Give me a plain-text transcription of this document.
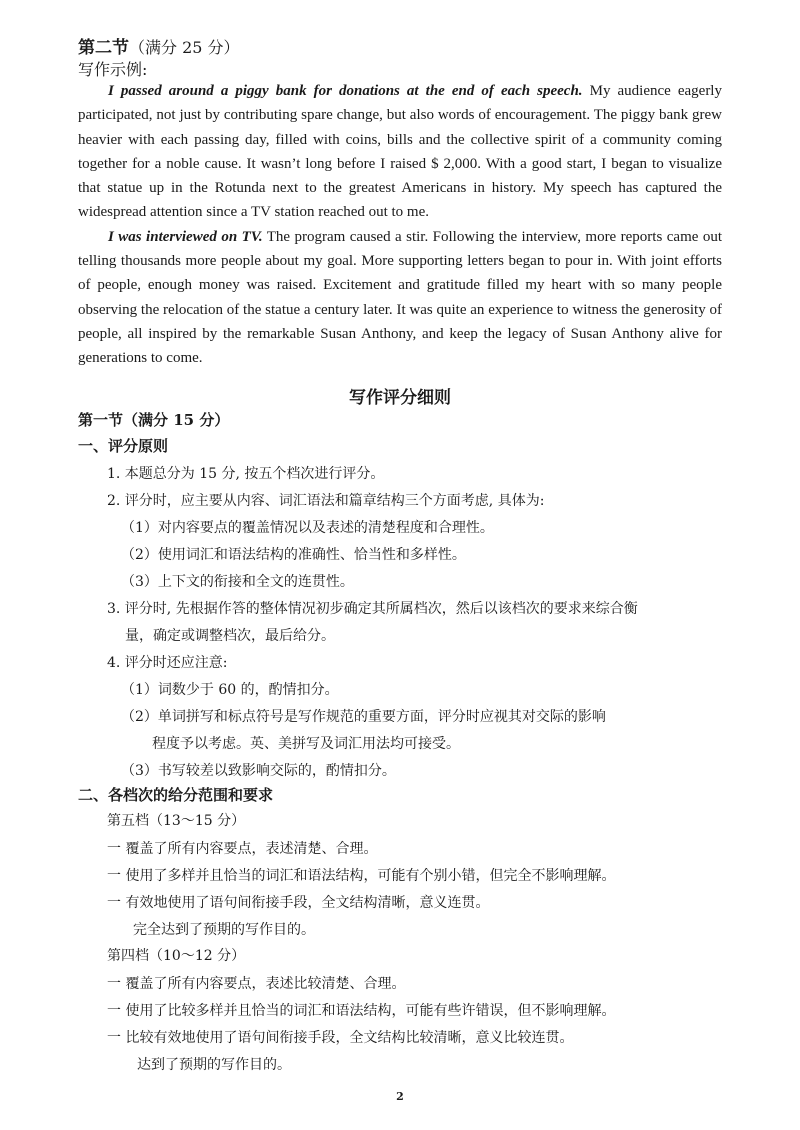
第二节（满分 25 分）
写作示例:

I passed around a piggy bank for donations at the end of each speech. My audience eagerly participated, not just by contributing spare change, but also words of encouragement. The piggy bank grew heavier with each passing day, filled with coins, bills and the collective spirit of a community coming together for a noble cause. It wasn’t long before I raised $ 2,000. With a good start, I began to visualize that statue up in the Rotunda next to the greatest Americans in history. My speech has captured the widespread attention since a TV station reached out to me.

I was interviewed on TV. The program caused a stir. Following the interview, more reports came out telling thousands more people about my goal. More supporting letters began to pour in. With joint efforts of people, enough money was raised. Excitement and gratitude filled my heart with so many people observing the relocation of the statue a century later. It was quite an experience to witness the generosity of people, all inspired by the remarkable Susan Anthony, and keep the legacy of Susan Anthony alive for generations to come.

写作评分细则
第一节（满分 15 分）
一、评分原则
1. 本题总分为 15 分, 按五个档次进行评分。
2. 评分时，应主要从内容、词汇语法和篇章结构三个方面考虑, 具体为:
（1）对内容要点的覆盖情况以及表述的清楚程度和合理性。
（2）使用词汇和语法结构的准确性、恰当性和多样性。
（3）上下文的衔接和全文的连贯性。
3. 评分时, 先根据作答的整体情况初步确定其所属档次，然后以该档次的要求来综合衡
量，确定或调整档次，最后给分。
4. 评分时还应注意:
（1）词数少于 60 的，酌情扣分。
（2）单词拼写和标点符号是写作规范的重要方面，评分时应视其对交际的影响
程度予以考虑。英、美拼写及词汇用法均可接受。
（3）书写较差以致影响交际的，酌情扣分。
二、各档次的给分范围和要求
第五档（13～15 分）
一 覆盖了所有内容要点，表述清楚、合理。
一 使用了多样并且恰当的词汇和语法结构，可能有个别小错，但完全不影响理解。
一 有效地使用了语句间衔接手段，全文结构清晰，意义连贯。
完全达到了预期的写作目的。
第四档（10～12 分）
一 覆盖了所有内容要点，表述比较清楚、合理。
一 使用了比较多样并且恰当的词汇和语法结构，可能有些许错误，但不影响理解。
一 比较有效地使用了语句间衔接手段，全文结构比较清晰，意义比较连贯。
达到了预期的写作目的。
2
